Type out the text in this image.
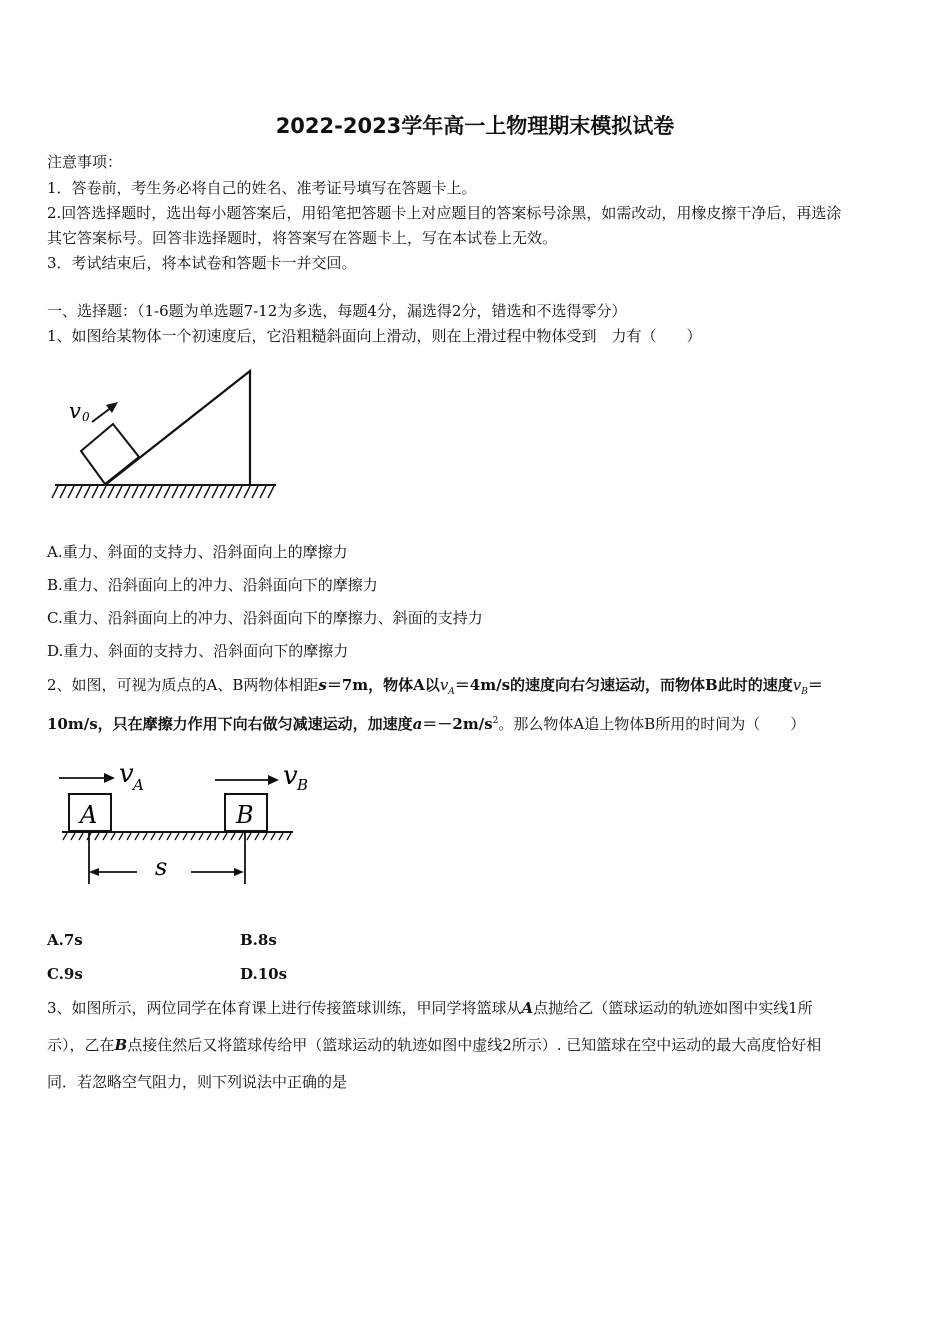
2022-2023学年高一上物理期末模拟试卷
注意事项：
1．答卷前，考生务必将自己的姓名、准考证号填写在答题卡上。
2.回答选择题时，选出每小题答案后，用铅笔把答题卡上对应题目的答案标号涂黑，如需改动，用橡皮擦干净后，再选涂
其它答案标号。回答非选择题时，将答案写在答题卡上，写在本试卷上无效。
3．考试结束后，将本试卷和答题卡一并交回。
一、选择题：（1-6题为单选题7-12为多选，每题4分，漏选得2分，错选和不选得零分）
1、如图给某物体一个初速度后，它沿粗糙斜面向上滑动，则在上滑过程中物体受到　力有（　　）
v 0
A.重力、斜面的支持力、沿斜面向上的摩擦力
B.重力、沿斜面向上的冲力、沿斜面向下的摩擦力
C.重力、沿斜面向上的冲力、沿斜面向下的摩擦力、斜面的支持力
D.重力、斜面的支持力、沿斜面向下的摩擦力
2、如图，可视为质点的A、B两物体相距s＝7m，物体A以$v_A=4m/s$的速度向右匀速运动，而物体B此时的速度$v_B=$
10m/s，只在摩擦力作用下向右做匀减速运动，加速度$a=-2m/s^2$。那么物体A追上物体B所用的时间为（　　）
v A	v B
A	B
s
A.7s	B.8s
C.9s	D.10s
3、如图所示，两位同学在体育课上进行传接篮球训练，甲同学将篮球从A点抛给乙（篮球运动的轨迹如图中实线1所
示），乙在B点接住然后又将篮球传给甲（篮球运动的轨迹如图中虚线2所示）. 已知篮球在空中运动的最大高度恰好相
同．若忽略空气阻力，则下列说法中正确的是
